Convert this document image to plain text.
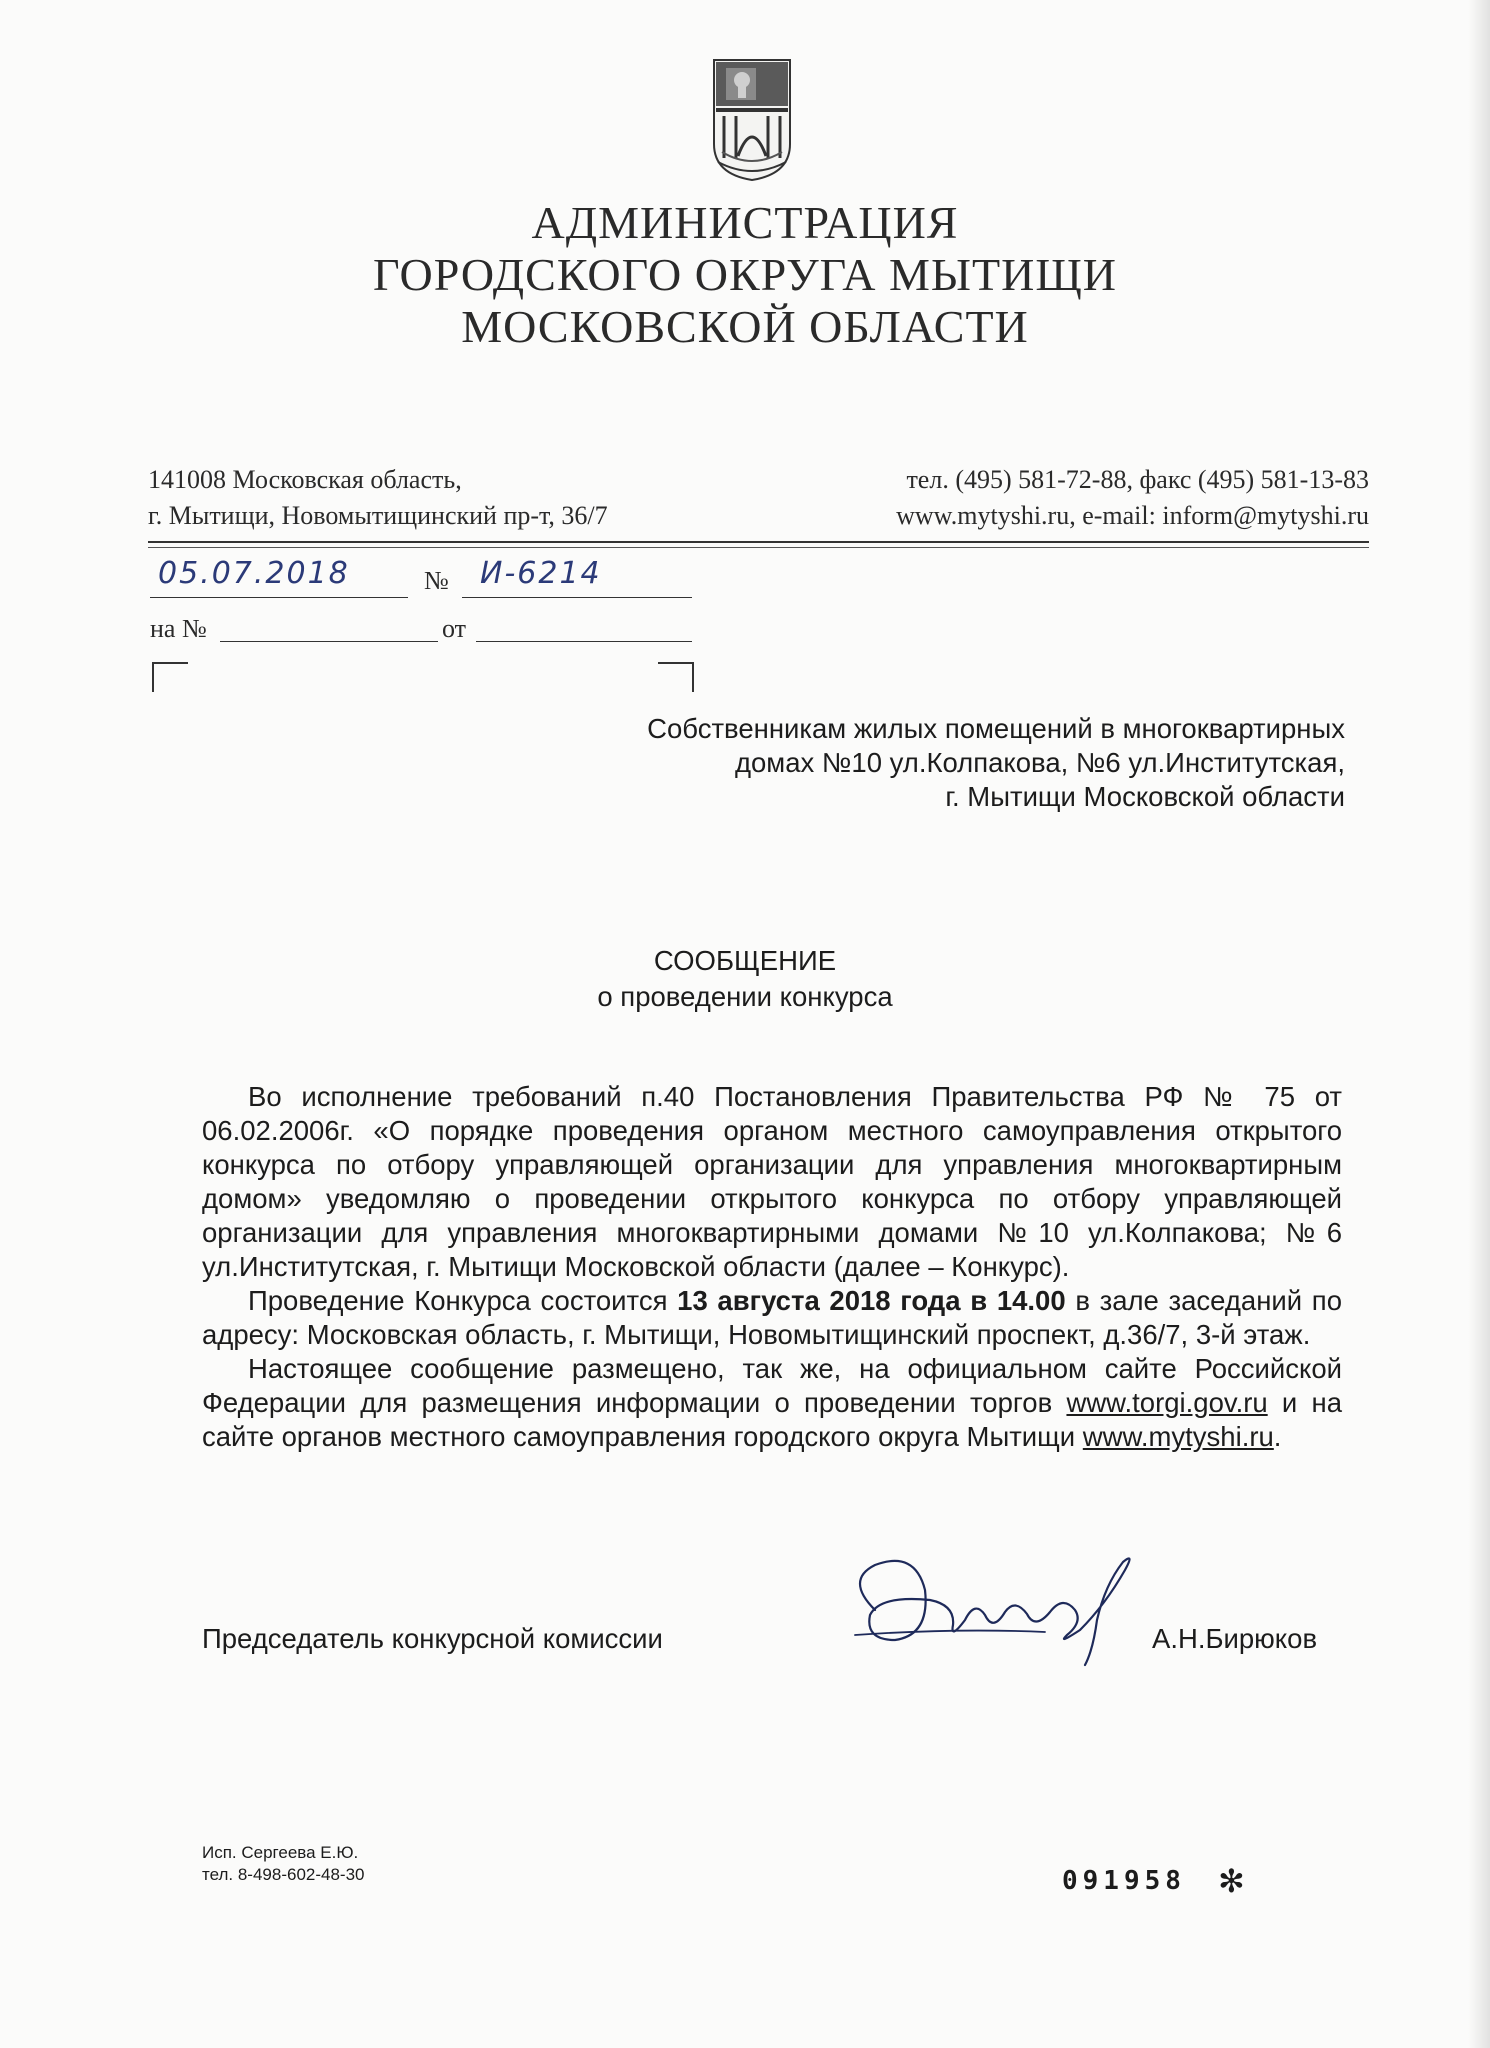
АДМИНИСТРАЦИЯ
ГОРОДСКОГО ОКРУГА МЫТИЩИ
МОСКОВСКОЙ ОБЛАСТИ
141008 Московская область,
г. Мытищи, Новомытищинский пр-т, 36/7
тел. (495) 581-72-88, факс (495) 581-13-83
www.mytyshi.ru, e-mail: inform@mytyshi.ru
05.07.2018	№ И-6214
на №	от
Собственникам жилых помещений в многоквартирных
домах №10 ул.Колпакова, №6 ул.Институтская,
г. Мытищи Московской области
СООБЩЕНИЕ
о проведении конкурса

Во исполнение требований п.40 Постановления Правительства РФ № 75 от 06.02.2006г. «О порядке проведения органом местного самоуправления открытого конкурса по отбору управляющей организации для управления многоквартирным домом» уведомляю о проведении открытого конкурса по отбору управляющей организации для управления многоквартирными домами №10 ул.Колпакова; №6 ул.Институтская, г. Мытищи Московской области (далее – Конкурс).

Проведение Конкурса состоится 13 августа 2018 года в 14.00 в зале заседаний по адресу: Московская область, г. Мытищи, Новомытищинский проспект, д.36/7, 3-й этаж.

Настоящее сообщение размещено, так же, на официальном сайте Российской Федерации для размещения информации о проведении торгов www.torgi.gov.ru и на сайте органов местного самоуправления городского округа Мытищи www.mytyshi.ru.

Председатель конкурсной комиссии	А.Н.Бирюков
Исп. Сергеева Е.Ю.
тел. 8-498-602-48-30	091958 ✻
